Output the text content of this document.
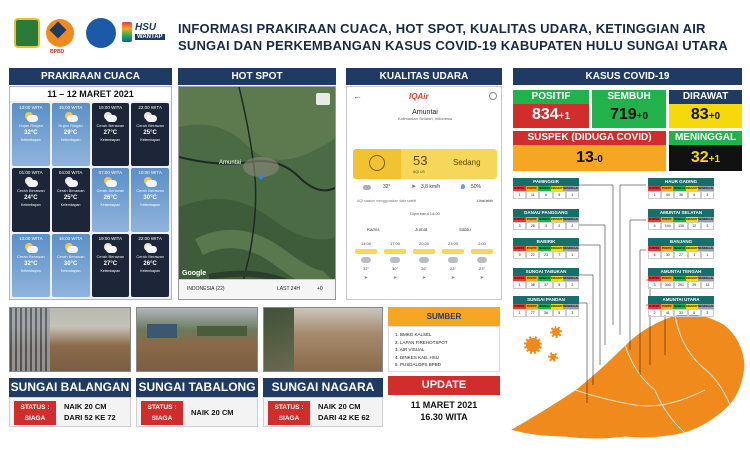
BPBD
HSU
WANTAP
INFORMASI PRAKIRAAN CUACA, HOT SPOT, KUALITAS UDARA, KETINGGIAN AIR
SUNGAI DAN PERKEMBANGAN KASUS COVID-19 KABUPATEN HULU SUNGAI UTARA
PRAKIRAAN CUACA	HOT SPOT	KUALITAS UDARA	KASUS COVID-19
11 – 12 MARET 2021
13:00 WITA
Hujan Ringan
32°C
Kelembapan
16:00 WITA
Hujan Ringan
29°C
Kelembapan
19:00 WITA
Cerah Berawan
27°C
Kelembapan
22:00 WITA
Cerah Berawan
25°C
Kelembapan
01:00 WITA
Cerah Berawan
24°C
Kelembapan
04:00 WITA
Cerah Berawan
25°C
Kelembapan
07:00 WITA
Cerah Berawan
26°C
Kelembapan
10:00 WITA
Cerah Berawan
30°C
Kelembapan
13:00 WITA
Cerah Berawan
32°C
Kelembapan
16:00 WITA
Cerah Berawan
30°C
Kelembapan
19:00 WITA
Cerah Berawan
27°C
Kelembapan
22:00 WITA
Cerah Berawan
26°C
Kelembapan
Amuntai
Google
INDONESIA (22)	LAST 24H	+0
←	IQAir
Amuntai
Kalimantan Selatan, Indonesia
53
AQI US
Sedang
32°	➤ 3,8 km/h	50%
AQI stasiun menggunakan data satelit	Lihat lebih
Diperbarui 14:00
Kamis	Jumat	Sabtu
14:00
32°
➤
17:00
30°
➤
20:00
26°
➤
23:00
23°
➤
2:00
23°
➤
POSITIF
834+1
SEMBUH
719+0
DIRAWAT
83+0
SUSPEK (DIDUGA COVID)
13-0
MENINGGAL
32+1
PAMINGGIR
SUSPEK POSITIF SEMBUH DIRAWAT MENINGGAL
1	11	6	5	1
DANAU PANGGANG
SUSPEK POSITIF SEMBUH DIRAWAT MENINGGAL
3	28	3	2	2
BABIRIK
SUSPEK POSITIF SEMBUH DIRAWAT MENINGGAL
9	22	23	7	1
SUNGAI TABUKAN
SUSPEK POSITIF SEMBUH DIRAWAT MENINGGAL
1	38	37	5	2
SUNGAI PANDAN
SUSPEK POSITIF SEMBUH DIRAWAT MENINGGAL
1	77	36	5	3
HAUR GADING
SUSPEK POSITIF SEMBUH DIRAWAT MENINGGAL
1	44	36	5	3
AMUNTAI SELATAN
SUSPEK POSITIF SEMBUH DIRAWAT MENINGGAL
4	144	130	12	3
BANJANG
SUSPEK POSITIF SEMBUH DIRAWAT MENINGGAL
6	30	27	3	1
AMUNTAI TENGAH
SUSPEK POSITIF SEMBUH DIRAWAT MENINGGAL
3	340	291	29	13
AMUNTAI UTARA
SUSPEK POSITIF SEMBUH DIRAWAT MENINGGAL
2	41	33	5	3
SUNGAI BALANGAN
STATUS :
SIAGA
NAIK 20 CM
DARI 52 KE 72
SUNGAI TABALONG
STATUS :
SIAGA
NAIK 20 CM
SUNGAI NAGARA
STATUS :
SIAGA
NAIK 20 CM
DARI 42 KE 62
SUMBER
1. BMKG KALSEL
2. LAPAN FIREHOTSPOT
3. AIR VISUAL
4. DINKES KAB. HSU
5. PUSDALOPS BPBD
UPDATE
11 MARET 2021
16.30 WITA
